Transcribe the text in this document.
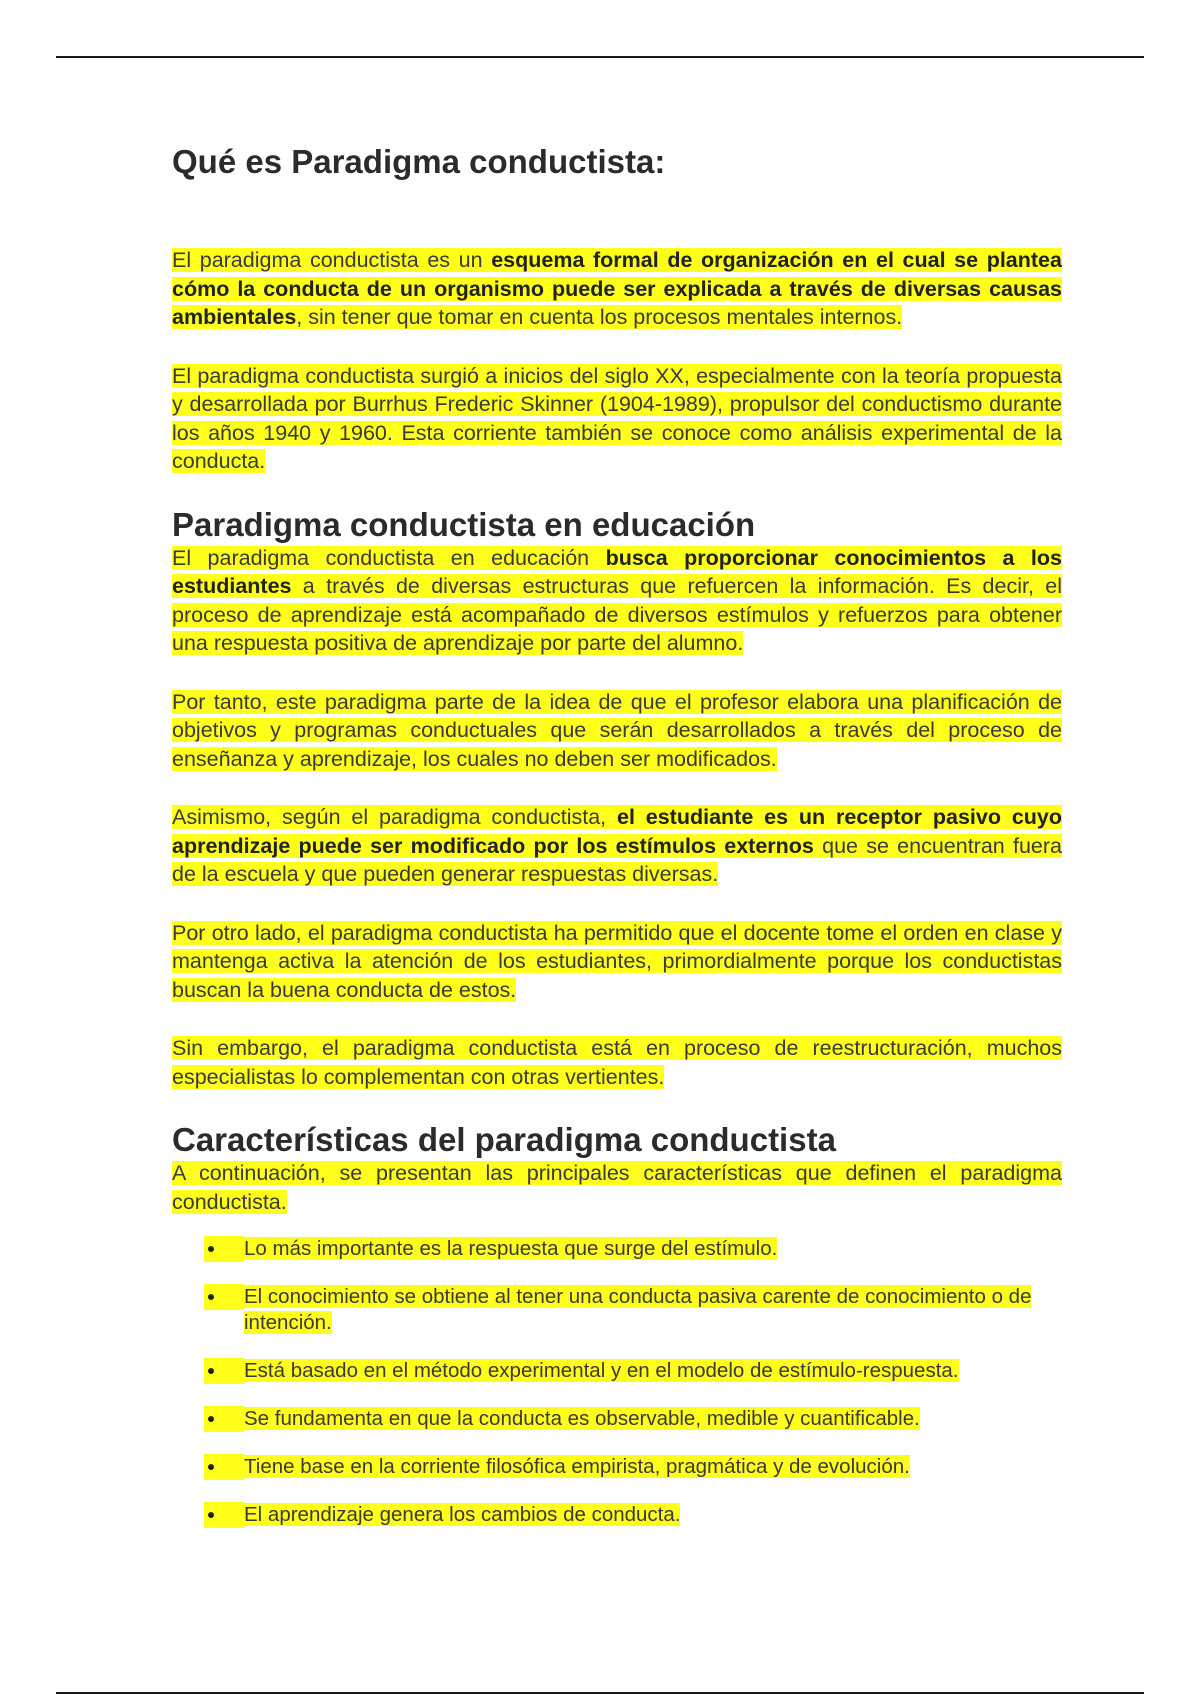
Qué es Paradigma conductista:

El paradigma conductista es un esquema formal de organización en el cual se plantea cómo la conducta de un organismo puede ser explicada a través de diversas causas ambientales, sin tener que tomar en cuenta los procesos mentales internos.

El paradigma conductista surgió a inicios del siglo XX, especialmente con la teoría propuesta y desarrollada por Burrhus Frederic Skinner (1904-1989), propulsor del conductismo durante los años 1940 y 1960. Esta corriente también se conoce como análisis experimental de la conducta.

Paradigma conductista en educación

El paradigma conductista en educación busca proporcionar conocimientos a los estudiantes a través de diversas estructuras que refuercen la información. Es decir, el proceso de aprendizaje está acompañado de diversos estímulos y refuerzos para obtener una respuesta positiva de aprendizaje por parte del alumno.

Por tanto, este paradigma parte de la idea de que el profesor elabora una planificación de objetivos y programas conductuales que serán desarrollados a través del proceso de enseñanza y aprendizaje, los cuales no deben ser modificados.

Asimismo, según el paradigma conductista, el estudiante es un receptor pasivo cuyo aprendizaje puede ser modificado por los estímulos externos que se encuentran fuera de la escuela y que pueden generar respuestas diversas.

Por otro lado, el paradigma conductista ha permitido que el docente tome el orden en clase y mantenga activa la atención de los estudiantes, primordialmente porque los conductistas buscan la buena conducta de estos.

Sin embargo, el paradigma conductista está en proceso de reestructuración, muchos especialistas lo complementan con otras vertientes.

Características del paradigma conductista

A continuación, se presentan las principales características que definen el paradigma conductista.

Lo más importante es la respuesta que surge del estímulo.
El conocimiento se obtiene al tener una conducta pasiva carente de conocimiento o de intención.
Está basado en el método experimental y en el modelo de estímulo-respuesta.
Se fundamenta en que la conducta es observable, medible y cuantificable.
Tiene base en la corriente filosófica empirista, pragmática y de evolución.
El aprendizaje genera los cambios de conducta.
